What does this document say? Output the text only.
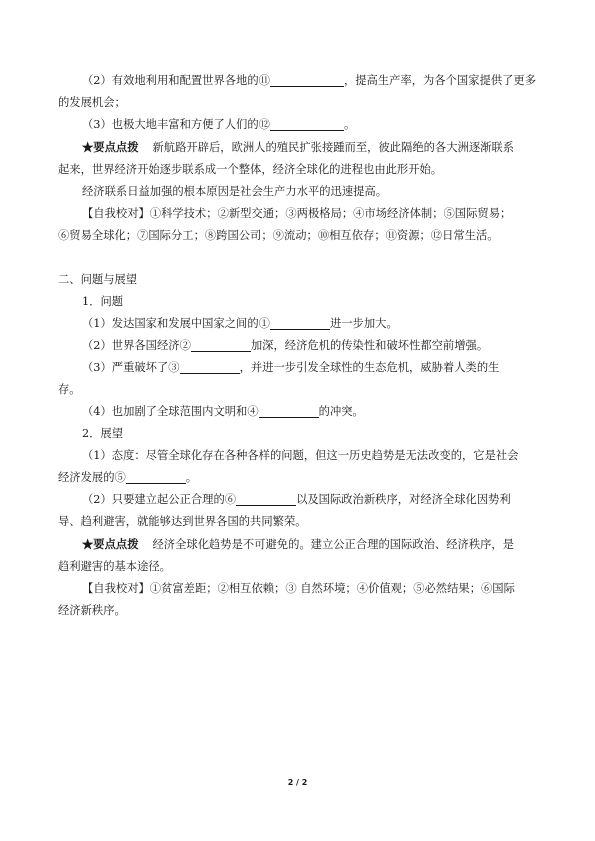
（2）有效地利用和配置世界各地的⑪	，提高生产率，为各个国家提供了更多
的发展机会；
（3）也极大地丰富和方便了人们的⑫	。
★要点点拨 新航路开辟后，欧洲人的殖民扩张接踵而至，彼此隔绝的各大洲逐渐联系
起来，世界经济开始逐步联系成一个整体，经济全球化的进程也由此形开始。
经济联系日益加强的根本原因是社会生产力水平的迅速提高。
【自我校对】①科学技术；②新型交通；③两极格局；④市场经济体制；⑤国际贸易；
⑥贸易全球化；⑦国际分工；⑧跨国公司；⑨流动；⑩相互依存；⑪资源；⑫日常生活。
二、问题与展望
1．问题
（1）发达国家和发展中国家之间的①	进一步加大。
（2）世界各国经济②	加深，经济危机的传染性和破坏性都空前增强。
（3）严重破坏了③	，并进一步引发全球性的生态危机，威胁着人类的生
存。
（4）也加剧了全球范围内文明和④	的冲突。
2．展望
（1）态度：尽管全球化存在各种各样的问题，但这一历史趋势是无法改变的，它是社会
经济发展的⑤	。
（2）只要建立起公正合理的⑥	以及国际政治新秩序，对经济全球化因势利
导、趋利避害，就能够达到世界各国的共同繁荣。
★要点点拨 经济全球化趋势是不可避免的。建立公正合理的国际政治、经济秩序，是
趋利避害的基本途径。
【自我校对】①贫富差距；②相互依赖；③ 自然环境；④价值观；⑤必然结果；⑥国际
经济新秩序。
2 / 2
